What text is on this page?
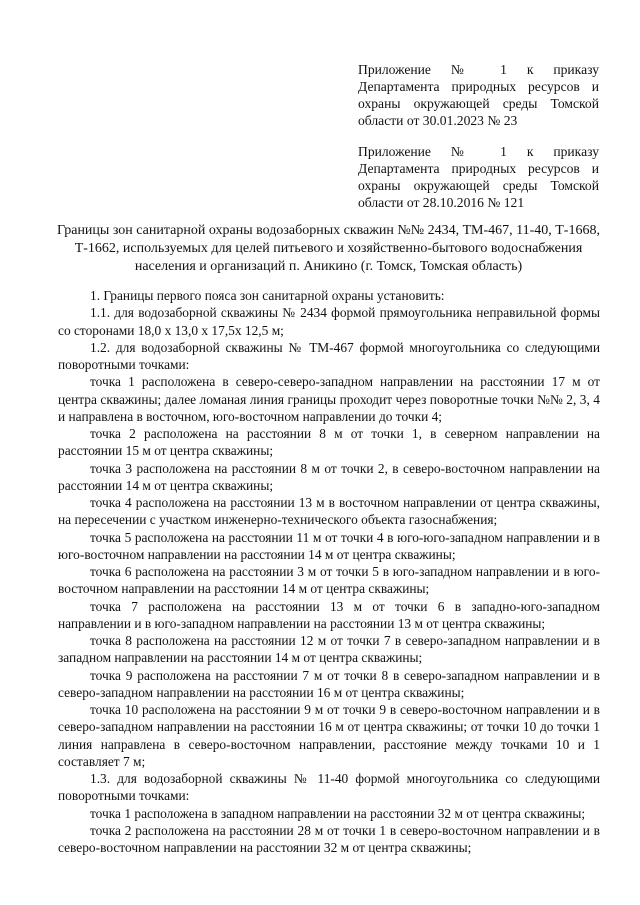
Приложение № 1 к приказу Департамента природных ресурсов и охраны окружающей среды Томской области от 30.01.2023 № 23
Приложение № 1 к приказу Департамента природных ресурсов и охраны окружающей среды Томской области от 28.10.2016 № 121
Границы зон санитарной охраны водозаборных скважин №№ 2434, ТМ-467, 11-40, Т-1668, Т-1662, используемых для целей питьевого и хозяйственно-бытового водоснабжения населения и организаций п. Аникино (г. Томск, Томская область)

1. Границы первого пояса зон санитарной охраны установить:

1.1. для водозаборной скважины № 2434 формой прямоугольника неправильной формы со сторонами 18,0 х 13,0 х 17,5х 12,5 м;

1.2. для водозаборной скважины № ТМ-467 формой многоугольника со следующими поворотными точками:

точка 1 расположена в северо-северо-западном направлении на расстоянии 17 м от центра скважины; далее ломаная линия границы проходит через поворотные точки №№ 2, 3, 4 и направлена в восточном, юго-восточном направлении до точки 4;

точка 2 расположена на расстоянии 8 м от точки 1, в северном направлении на расстоянии 15 м от центра скважины;

точка 3 расположена на расстоянии 8 м от точки 2, в северо-восточном направлении на расстоянии 14 м от центра скважины;

точка 4 расположена на расстоянии 13 м в восточном направлении от центра скважины, на пересечении с участком инженерно-технического объекта газоснабжения;

точка 5 расположена на расстоянии 11 м от точки 4 в юго-юго-западном направлении и в юго-восточном направлении на расстоянии 14 м от центра скважины;

точка 6 расположена на расстоянии 3 м от точки 5 в юго-западном направлении и в юго-восточном направлении на расстоянии 14 м от центра скважины;

точка 7 расположена на расстоянии 13 м от точки 6 в западно-юго-западном направлении и в юго-западном направлении на расстоянии 13 м от центра скважины;

точка 8 расположена на расстоянии 12 м от точки 7 в северо-западном направлении и в западном направлении на расстоянии 14 м от центра скважины;

точка 9 расположена на расстоянии 7 м от точки 8 в северо-западном направлении и в северо-западном направлении на расстоянии 16 м от центра скважины;

точка 10 расположена на расстоянии 9 м от точки 9 в северо-восточном направлении и в северо-западном направлении на расстоянии 16 м от центра скважины; от точки 10 до точки 1 линия направлена в северо-восточном направлении, расстояние между точками 10 и 1 составляет 7 м;

1.3. для водозаборной скважины № 11-40 формой многоугольника со следующими поворотными точками:

точка 1 расположена в западном направлении на расстоянии 32 м от центра скважины;

точка 2 расположена на расстоянии 28 м от точки 1 в северо-восточном направлении и в северо-восточном направлении на расстоянии 32 м от центра скважины;
